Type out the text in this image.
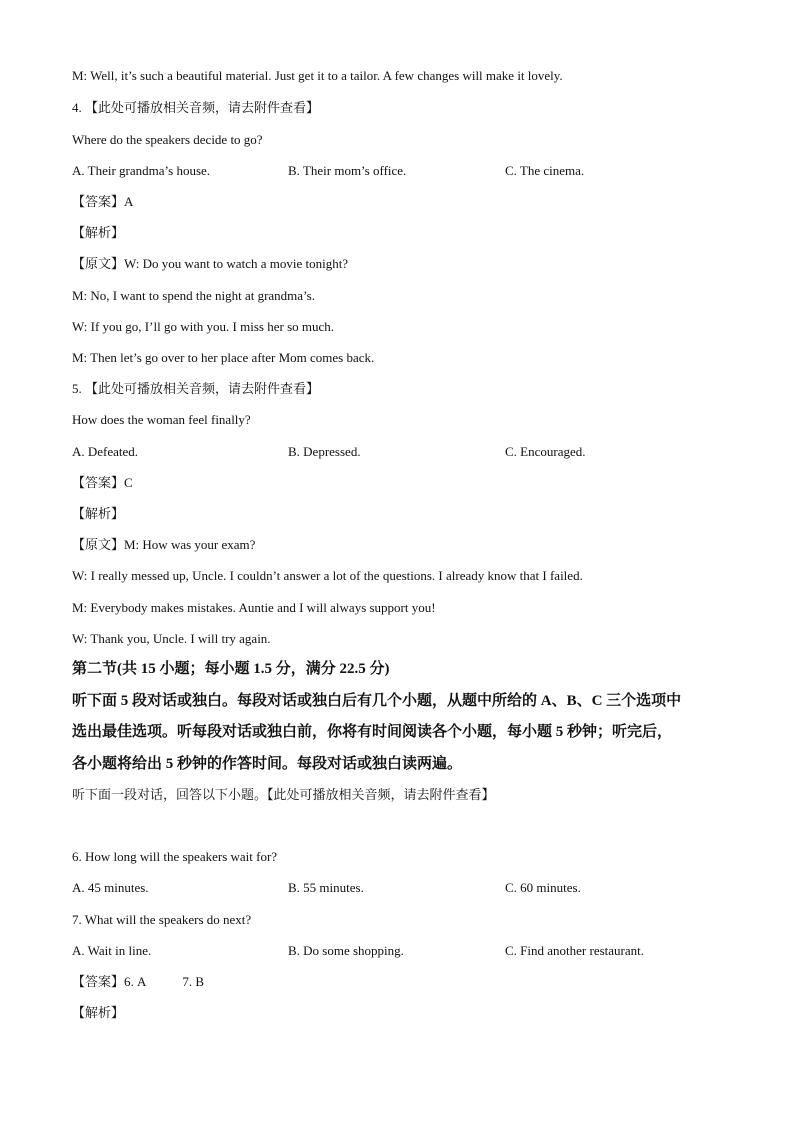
M: Well, it’s such a beautiful material. Just get it to a tailor. A few changes will make it lovely.
4. 【此处可播放相关音频，请去附件查看】
Where do the speakers decide to go?
A. Their grandma’s house.	B. Their mom’s office.	C. The cinema.
【答案】A
【解析】
【原文】W: Do you want to watch a movie tonight?
M: No, I want to spend the night at grandma’s.
W: If you go, I’ll go with you. I miss her so much.
M: Then let’s go over to her place after Mom comes back.
5. 【此处可播放相关音频，请去附件查看】
How does the woman feel finally?
A. Defeated.	B. Depressed.	C. Encouraged.
【答案】C
【解析】
【原文】M: How was your exam?
W: I really messed up, Uncle. I couldn’t answer a lot of the questions. I already know that I failed.
M: Everybody makes mistakes. Auntie and I will always support you!
W: Thank you, Uncle. I will try again.
第二节(共 15 小题；每小题 1.5 分，满分 22.5 分)
听下面 5 段对话或独白。每段对话或独白后有几个小题，从题中所给的 A、B、C 三个选项中
选出最佳选项。听每段对话或独白前，你将有时间阅读各个小题，每小题 5 秒钟；听完后，
各小题将给出 5 秒钟的作答时间。每段对话或独白读两遍。
听下面一段对话，回答以下小题。【此处可播放相关音频，请去附件查看】
6. How long will the speakers wait for?
A. 45 minutes.	B. 55 minutes.	C. 60 minutes.
7. What will the speakers do next?
A. Wait in line.	B. Do some shopping.	C. Find another restaurant.
【答案】6. A	7. B
【解析】
